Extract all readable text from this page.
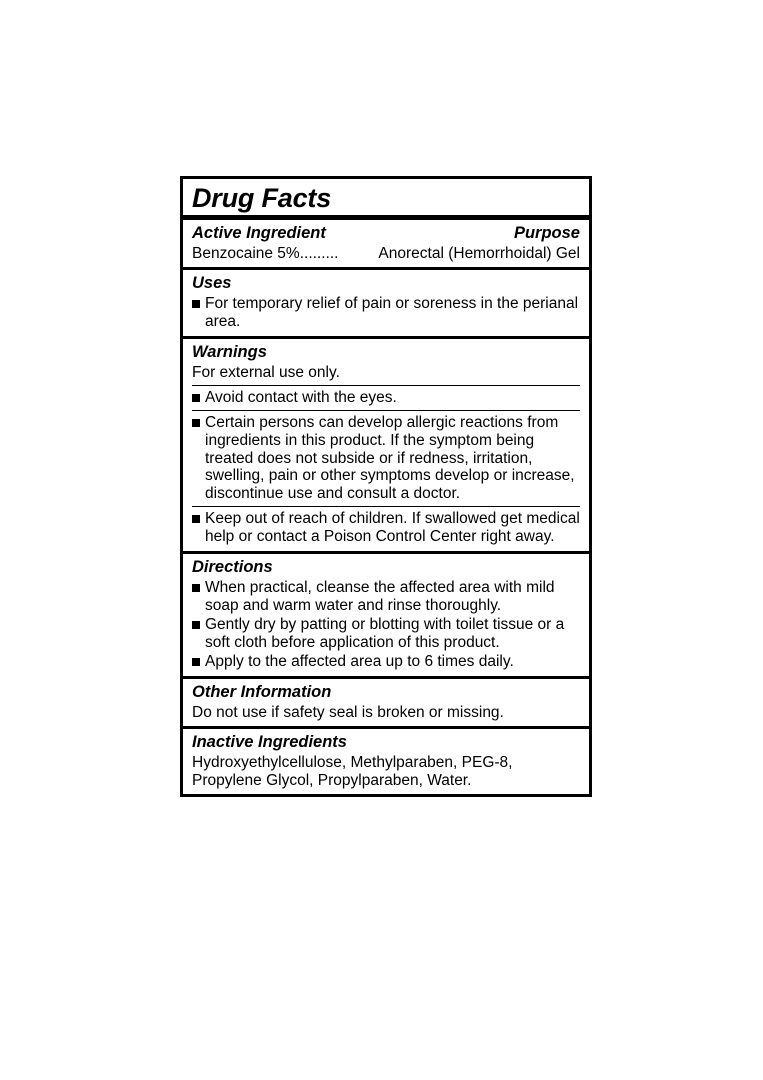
Drug Facts
Active Ingredient	Purpose
Benzocaine 5%.........	Anorectal (Hemorrhoidal) Gel
Uses
For temporary relief of pain or soreness in the perianal area.
Warnings
For external use only.
Avoid contact with the eyes.
Certain persons can develop allergic reactions from ingredients in this product. If the symptom being treated does not subside or if redness, irritation, swelling, pain or other symptoms develop or increase, discontinue use and consult a doctor.
Keep out of reach of children. If swallowed get medical help or contact a Poison Control Center right away.
Directions
When practical, cleanse the affected area with mild soap and warm water and rinse thoroughly.
Gently dry by patting or blotting with toilet tissue or a soft cloth before application of this product.
Apply to the affected area up to 6 times daily.
Other Information
Do not use if safety seal is broken or missing.
Inactive Ingredients
Hydroxyethylcellulose, Methylparaben, PEG-8, Propylene Glycol, Propylparaben, Water.
